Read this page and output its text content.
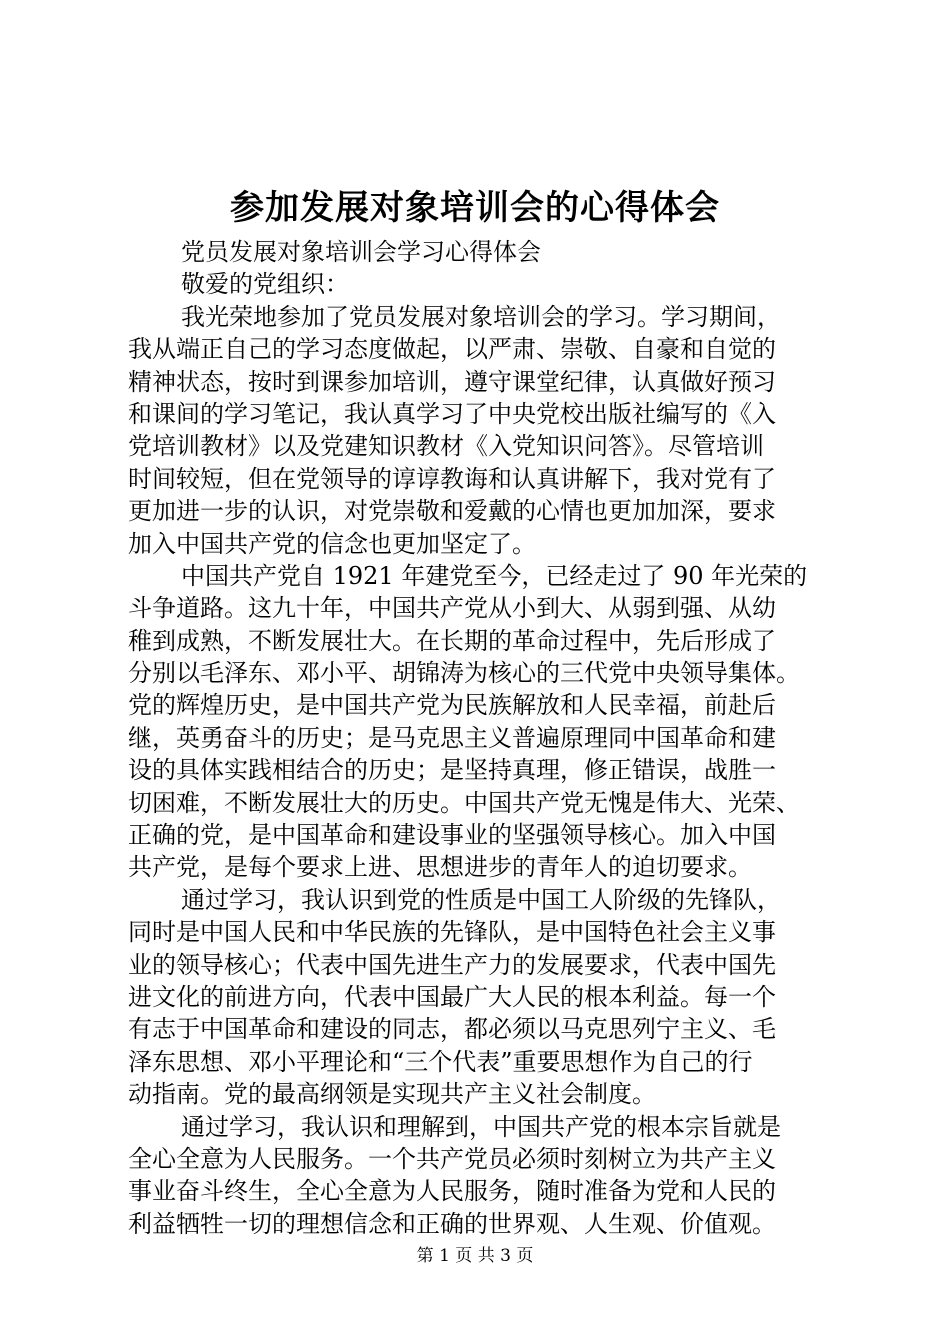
参加发展对象培训会的心得体会
党员发展对象培训会学习心得体会
敬爱的党组织：
我光荣地参加了党员发展对象培训会的学习。学习期间，
我从端正自己的学习态度做起，以严肃、崇敬、自豪和自觉的
精神状态，按时到课参加培训，遵守课堂纪律，认真做好预习
和课间的学习笔记，我认真学习了中央党校出版社编写的《入
党培训教材》以及党建知识教材《入党知识问答》。尽管培训
时间较短，但在党领导的谆谆教诲和认真讲解下，我对党有了
更加进一步的认识，对党崇敬和爱戴的心情也更加加深，要求
加入中国共产党的信念也更加坚定了。
中国共产党自 1921 年建党至今，已经走过了 90 年光荣的
斗争道路。这九十年，中国共产党从小到大、从弱到强、从幼
稚到成熟，不断发展壮大。在长期的革命过程中，先后形成了
分别以毛泽东、邓小平、胡锦涛为核心的三代党中央领导集体。
党的辉煌历史，是中国共产党为民族解放和人民幸福，前赴后
继，英勇奋斗的历史；是马克思主义普遍原理同中国革命和建
设的具体实践相结合的历史；是坚持真理，修正错误，战胜一
切困难，不断发展壮大的历史。中国共产党无愧是伟大、光荣、
正确的党，是中国革命和建设事业的坚强领导核心。加入中国
共产党，是每个要求上进、思想进步的青年人的迫切要求。
通过学习，我认识到党的性质是中国工人阶级的先锋队，
同时是中国人民和中华民族的先锋队，是中国特色社会主义事
业的领导核心；代表中国先进生产力的发展要求，代表中国先
进文化的前进方向，代表中国最广大人民的根本利益。每一个
有志于中国革命和建设的同志，都必须以马克思列宁主义、毛
泽东思想、邓小平理论和“三个代表”重要思想作为自己的行
动指南。党的最高纲领是实现共产主义社会制度。
通过学习，我认识和理解到，中国共产党的根本宗旨就是
全心全意为人民服务。一个共产党员必须时刻树立为共产主义
事业奋斗终生，全心全意为人民服务，随时准备为党和人民的
利益牺牲一切的理想信念和正确的世界观、人生观、价值观。
第 1 页 共 3 页
